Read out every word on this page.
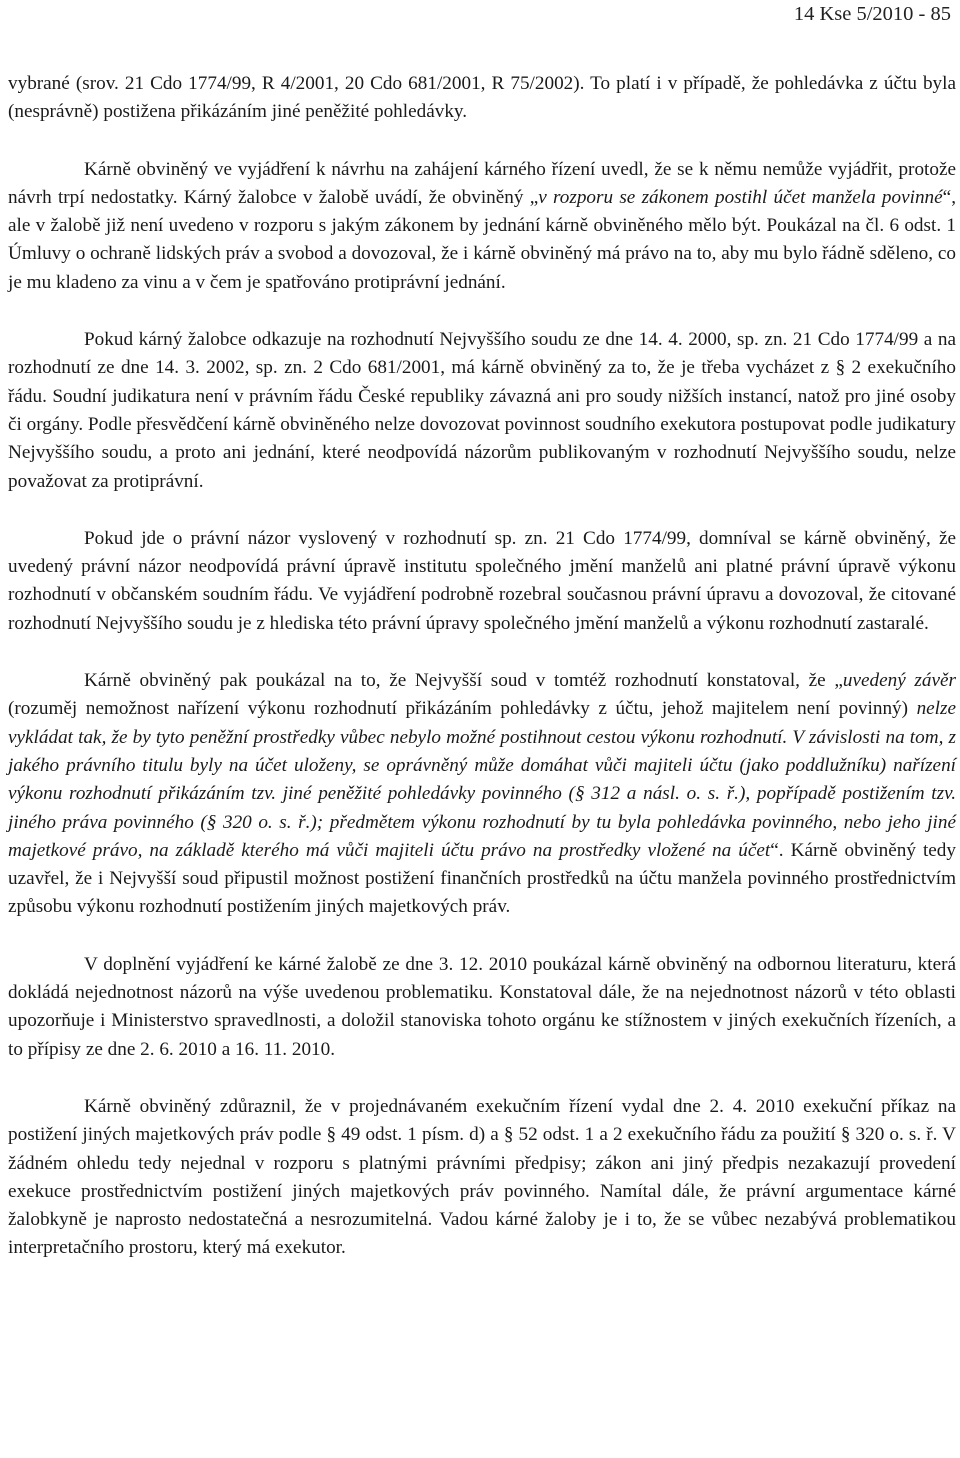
14 Kse 5/2010 - 85

vybrané (srov. 21 Cdo 1774/99, R 4/2001, 20 Cdo 681/2001, R 75/2002). To platí i v případě, že pohledávka z účtu byla (nesprávně) postižena přikázáním jiné peněžité pohledávky.

Kárně obviněný ve vyjádření k návrhu na zahájení kárného řízení uvedl, že se k němu nemůže vyjádřit, protože návrh trpí nedostatky. Kárný žalobce v žalobě uvádí, že obviněný „v rozporu se zákonem postihl účet manžela povinné“, ale v žalobě již není uvedeno v rozporu s jakým zákonem by jednání kárně obviněného mělo být. Poukázal na čl. 6 odst. 1 Úmluvy o ochraně lidských práv a svobod a dovozoval, že i kárně obviněný má právo na to, aby mu bylo řádně sděleno, co je mu kladeno za vinu a v čem je spatřováno protiprávní jednání.

Pokud kárný žalobce odkazuje na rozhodnutí Nejvyššího soudu ze dne 14. 4. 2000, sp. zn. 21 Cdo 1774/99 a na rozhodnutí ze dne 14. 3. 2002, sp. zn. 2 Cdo 681/2001, má kárně obviněný za to, že je třeba vycházet z § 2 exekučního řádu. Soudní judikatura není v právním řádu České republiky závazná ani pro soudy nižších instancí, natož pro jiné osoby či orgány. Podle přesvědčení kárně obviněného nelze dovozovat povinnost soudního exekutora postupovat podle judikatury Nejvyššího soudu, a proto ani jednání, které neodpovídá názorům publikovaným v rozhodnutí Nejvyššího soudu, nelze považovat za protiprávní.

Pokud jde o právní názor vyslovený v rozhodnutí sp. zn. 21 Cdo 1774/99, domníval se kárně obviněný, že uvedený právní názor neodpovídá právní úpravě institutu společného jmění manželů ani platné právní úpravě výkonu rozhodnutí v občanském soudním řádu. Ve vyjádření podrobně rozebral současnou právní úpravu a dovozoval, že citované rozhodnutí Nejvyššího soudu je z hlediska této právní úpravy společného jmění manželů a výkonu rozhodnutí zastaralé.

Kárně obviněný pak poukázal na to, že Nejvyšší soud v tomtéž rozhodnutí konstatoval, že „uvedený závěr (rozuměj nemožnost nařízení výkonu rozhodnutí přikázáním pohledávky z účtu, jehož majitelem není povinný) nelze vykládat tak, že by tyto peněžní prostředky vůbec nebylo možné postihnout cestou výkonu rozhodnutí. V závislosti na tom, z jakého právního titulu byly na účet uloženy, se oprávněný může domáhat vůči majiteli účtu (jako poddlužníku) nařízení výkonu rozhodnutí přikázáním tzv. jiné peněžité pohledávky povinného (§ 312 a násl. o. s. ř.), popřípadě postižením tzv. jiného práva povinného (§ 320 o. s. ř.); předmětem výkonu rozhodnutí by tu byla pohledávka povinného, nebo jeho jiné majetkové právo, na základě kterého má vůči majiteli účtu právo na prostředky vložené na účet“. Kárně obviněný tedy uzavřel, že i Nejvyšší soud připustil možnost postižení finančních prostředků na účtu manžela povinného prostřednictvím způsobu výkonu rozhodnutí postižením jiných majetkových práv.

V doplnění vyjádření ke kárné žalobě ze dne 3. 12. 2010 poukázal kárně obviněný na odbornou literaturu, která dokládá nejednotnost názorů na výše uvedenou problematiku. Konstatoval dále, že na nejednotnost názorů v této oblasti upozorňuje i Ministerstvo spravedlnosti, a doložil stanoviska tohoto orgánu ke stížnostem v jiných exekučních řízeních, a to přípisy ze dne 2. 6. 2010 a 16. 11. 2010.

Kárně obviněný zdůraznil, že v projednávaném exekučním řízení vydal dne 2. 4. 2010 exekuční příkaz na postižení jiných majetkových práv podle § 49 odst. 1 písm. d) a § 52 odst. 1 a 2 exekučního řádu za použití § 320 o. s. ř. V žádném ohledu tedy nejednal v rozporu s platnými právními předpisy; zákon ani jiný předpis nezakazují provedení exekuce prostřednictvím postižení jiných majetkových práv povinného. Namítal dále, že právní argumentace kárné žalobkyně je naprosto nedostatečná a nesrozumitelná. Vadou kárné žaloby je i to, že se vůbec nezabývá problematikou interpretačního prostoru, který má exekutor.
